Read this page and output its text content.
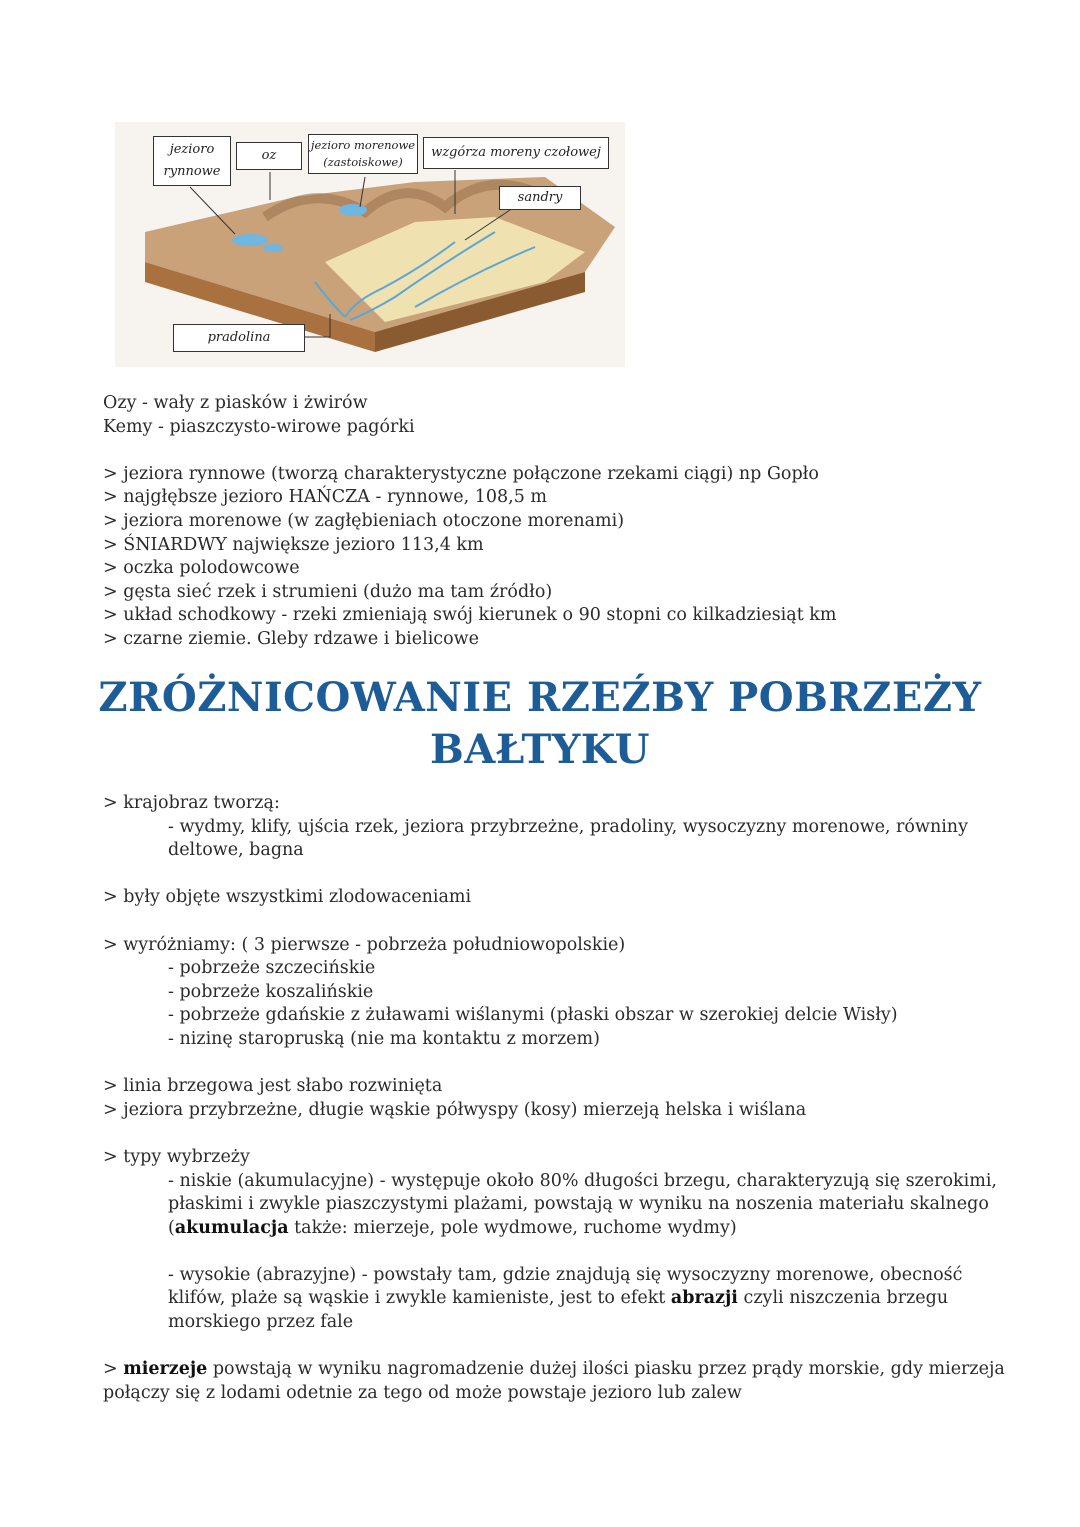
jezioro
rynnowe
oz
jezioro morenowe
(zastoiskowe)
wzgórza moreny czołowej
sandry
pradolina
Ozy - wały z piasków i żwirów
Kemy - piaszczysto-wirowe pagórki
> jeziora rynnowe (tworzą charakterystyczne połączone rzekami ciągi) np Gopło
> najgłębsze jezioro HAŃCZA - rynnowe, 108,5 m
> jeziora morenowe (w zagłębieniach otoczone morenami)
> ŚNIARDWY największe jezioro 113,4 km
> oczka polodowcowe
> gęsta sieć rzek i strumieni (dużo ma tam źródło)
> układ schodkowy - rzeki zmieniają swój kierunek o 90 stopni co kilkadziesiąt km
> czarne ziemie. Gleby rdzawe i bielicowe
ZRÓŻNICOWANIE RZEŹBY POBRZEŻY
BAŁTYKU
> krajobraz tworzą:
- wydmy, klify, ujścia rzek, jeziora przybrzeżne, pradoliny, wysoczyzny morenowe, równiny
deltowe, bagna
> były objęte wszystkimi zlodowaceniami
> wyróżniamy: ( 3 pierwsze - pobrzeża południowopolskie)
- pobrzeże szczecińskie
- pobrzeże koszalińskie
- pobrzeże gdańskie z żuławami wiślanymi (płaski obszar w szerokiej delcie Wisły)
- nizinę staropruską (nie ma kontaktu z morzem)
> linia brzegowa jest słabo rozwinięta
> jeziora przybrzeżne, długie wąskie półwyspy (kosy) mierzeją helska i wiślana
> typy wybrzeży
- niskie (akumulacyjne) - występuje około 80% długości brzegu, charakteryzują się szerokimi,
płaskimi i zwykle piaszczystymi plażami, powstają w wyniku na noszenia materiału skalnego
(akumulacja także: mierzeje, pole wydmowe, ruchome wydmy)
- wysokie (abrazyjne) - powstały tam, gdzie znajdują się wysoczyzny morenowe, obecność
klifów, plaże są wąskie i zwykle kamieniste, jest to efekt abrazji czyli niszczenia brzegu
morskiego przez fale
> mierzeje powstają w wyniku nagromadzenie dużej ilości piasku przez prądy morskie, gdy mierzeja
połączy się z lodami odetnie za tego od może powstaje jezioro lub zalew
